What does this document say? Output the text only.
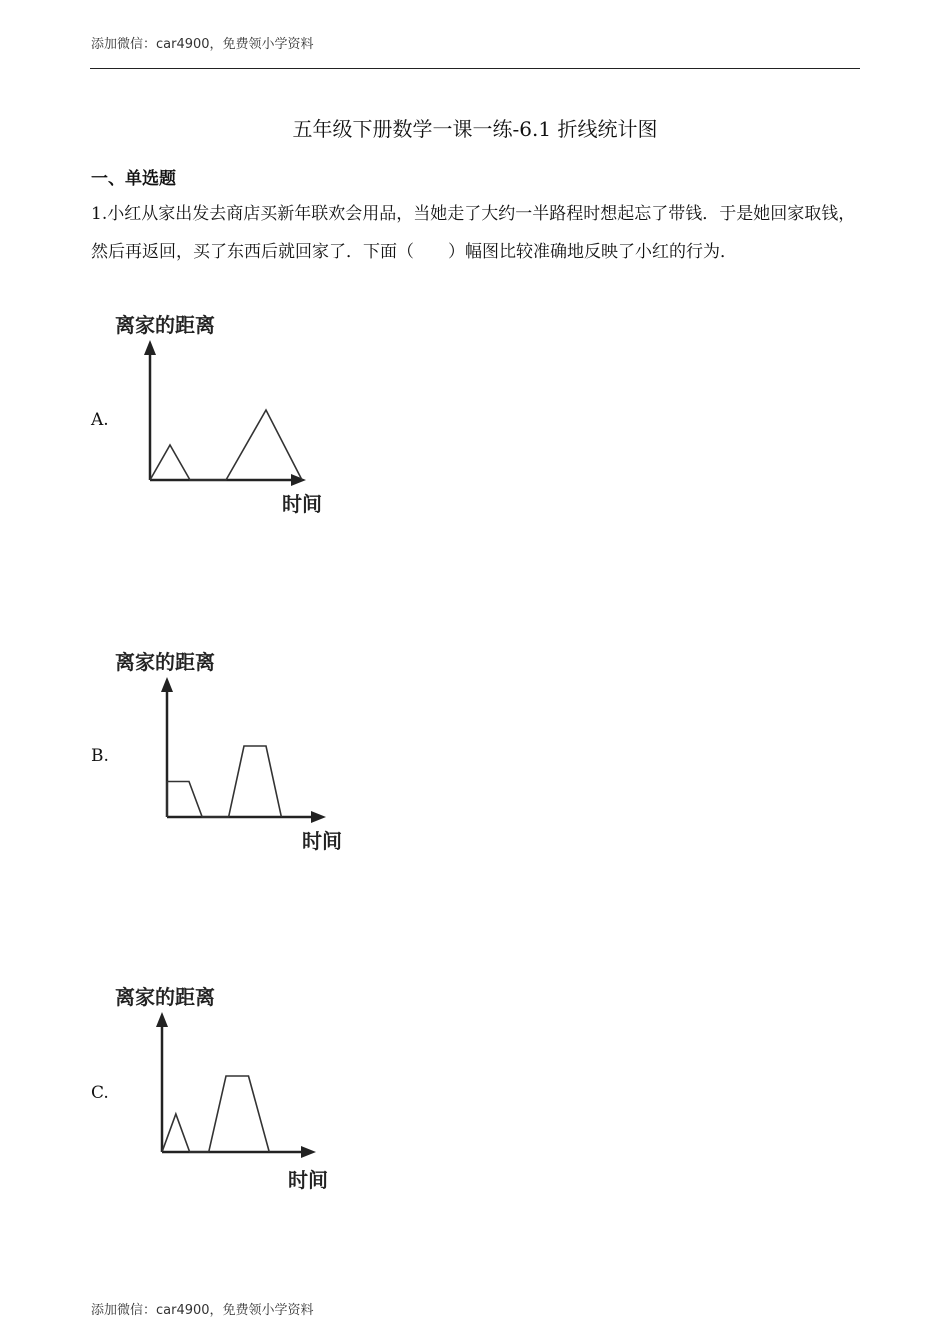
添加微信：car4900，免费领小学资料
五年级下册数学一课一练-6.1 折线统计图
一、单选题
1.小红从家出发去商店买新年联欢会用品，当她走了大约一半路程时想起忘了带钱．于是她回家取钱，然后再返回，买了东西后就回家了．下面（　　）幅图比较准确地反映了小红的行为．
A.
离家的距离
时间
B.
离家的距离
时间
C.
离家的距离
时间
添加微信：car4900，免费领小学资料
